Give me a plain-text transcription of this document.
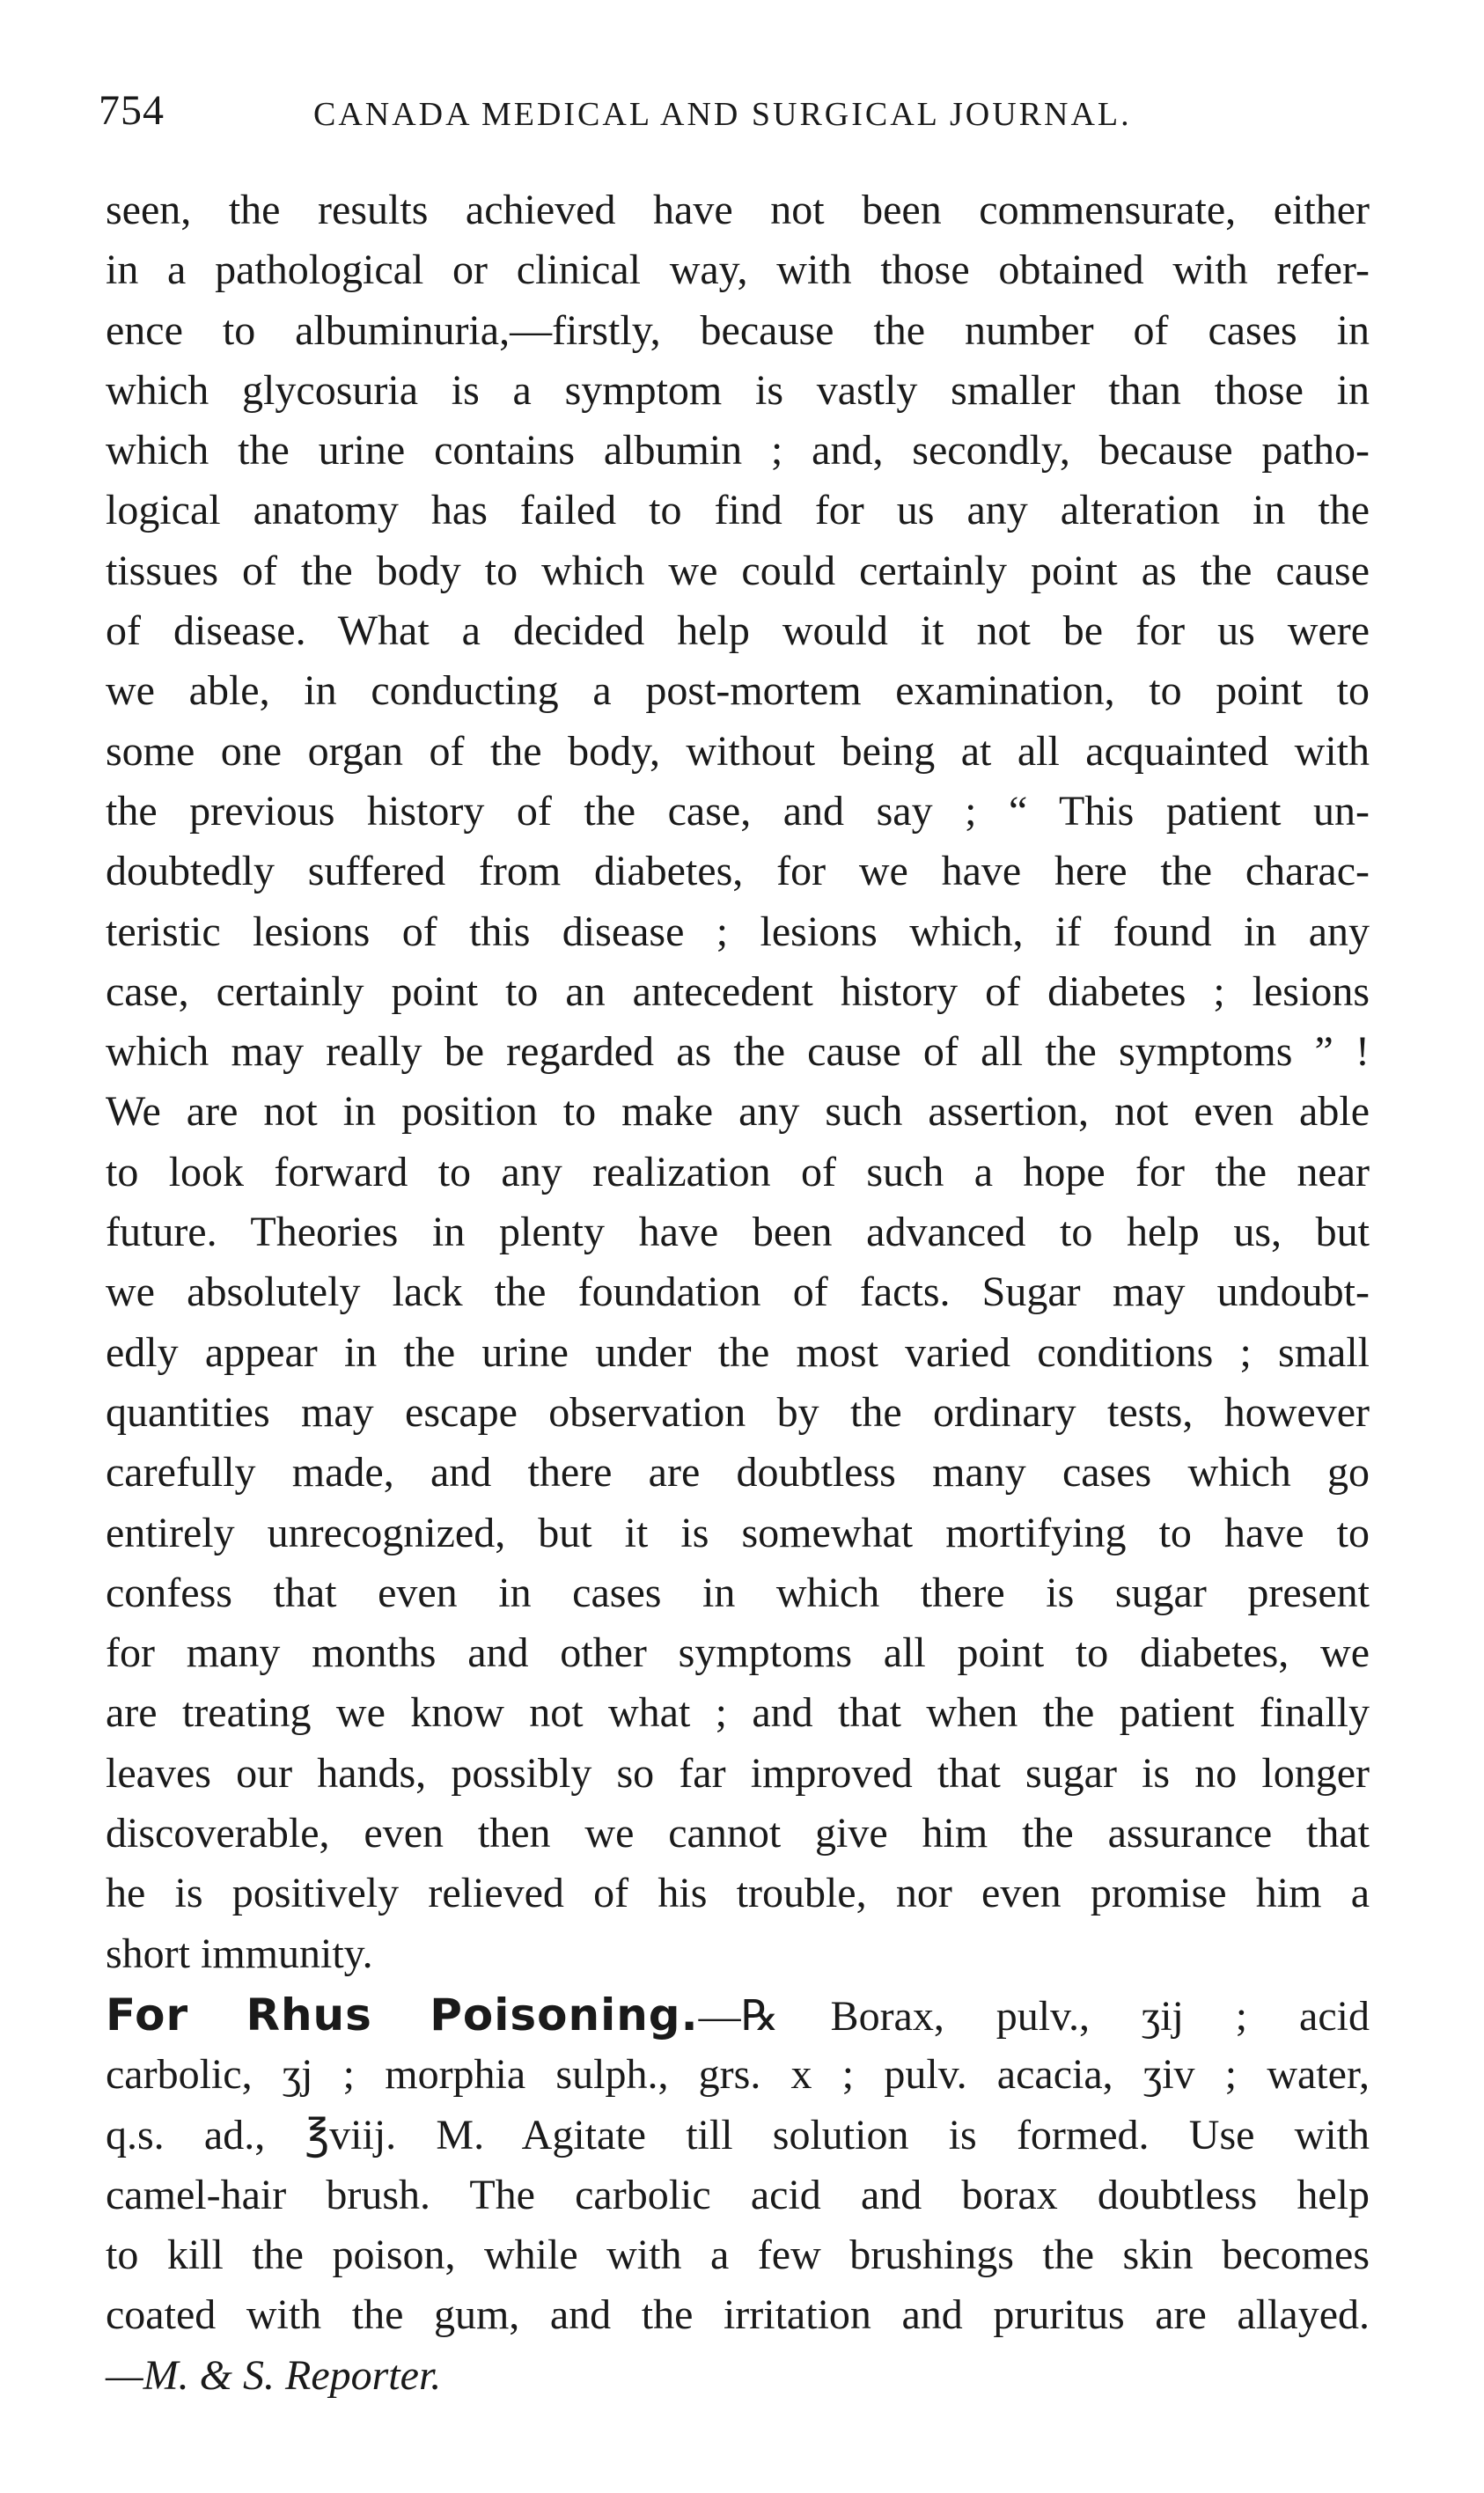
754	CANADA MEDICAL AND SURGICAL JOURNAL.
seen, the results achieved have not been commensurate, either
in a pathological or clinical way, with those obtained with refer-
ence to albuminuria,—firstly, because the number of cases in
which glycosuria is a symptom is vastly smaller than those in
which the urine contains albumin ; and, secondly, because patho-
logical anatomy has failed to find for us any alteration in the
tissues of the body to which we could certainly point as the cause
of disease. What a decided help would it not be for us were
we able, in conducting a post-mortem examination, to point to
some one organ of the body, without being at all acquainted with
the previous history of the case, and say ; “ This patient un-
doubtedly suffered from diabetes, for we have here the charac-
teristic lesions of this disease ; lesions which, if found in any
case, certainly point to an antecedent history of diabetes ; lesions
which may really be regarded as the cause of all the symptoms ” !
We are not in position to make any such assertion, not even able
to look forward to any realization of such a hope for the near
future. Theories in plenty have been advanced to help us, but
we absolutely lack the foundation of facts. Sugar may undoubt-
edly appear in the urine under the most varied conditions ; small
quantities may escape observation by the ordinary tests, however
carefully made, and there are doubtless many cases which go
entirely unrecognized, but it is somewhat mortifying to have to
confess that even in cases in which there is sugar present
for many months and other symptoms all point to diabetes, we
are treating we know not what ; and that when the patient finally
leaves our hands, possibly so far improved that sugar is no longer
discoverable, even then we cannot give him the assurance that
he is positively relieved of his trouble, nor even promise him a
short immunity.
For Rhus Poisoning.—℞ Borax, pulv., ʒij ; acid
carbolic, ʒj ; morphia sulph., grs. x ; pulv. acacia, ʒiv ; water,
q.s. ad., ℥viij. M. Agitate till solution is formed. Use with
camel-hair brush. The carbolic acid and borax doubtless help
to kill the poison, while with a few brushings the skin becomes
coated with the gum, and the irritation and pruritus are allayed.
—M. & S. Reporter.
